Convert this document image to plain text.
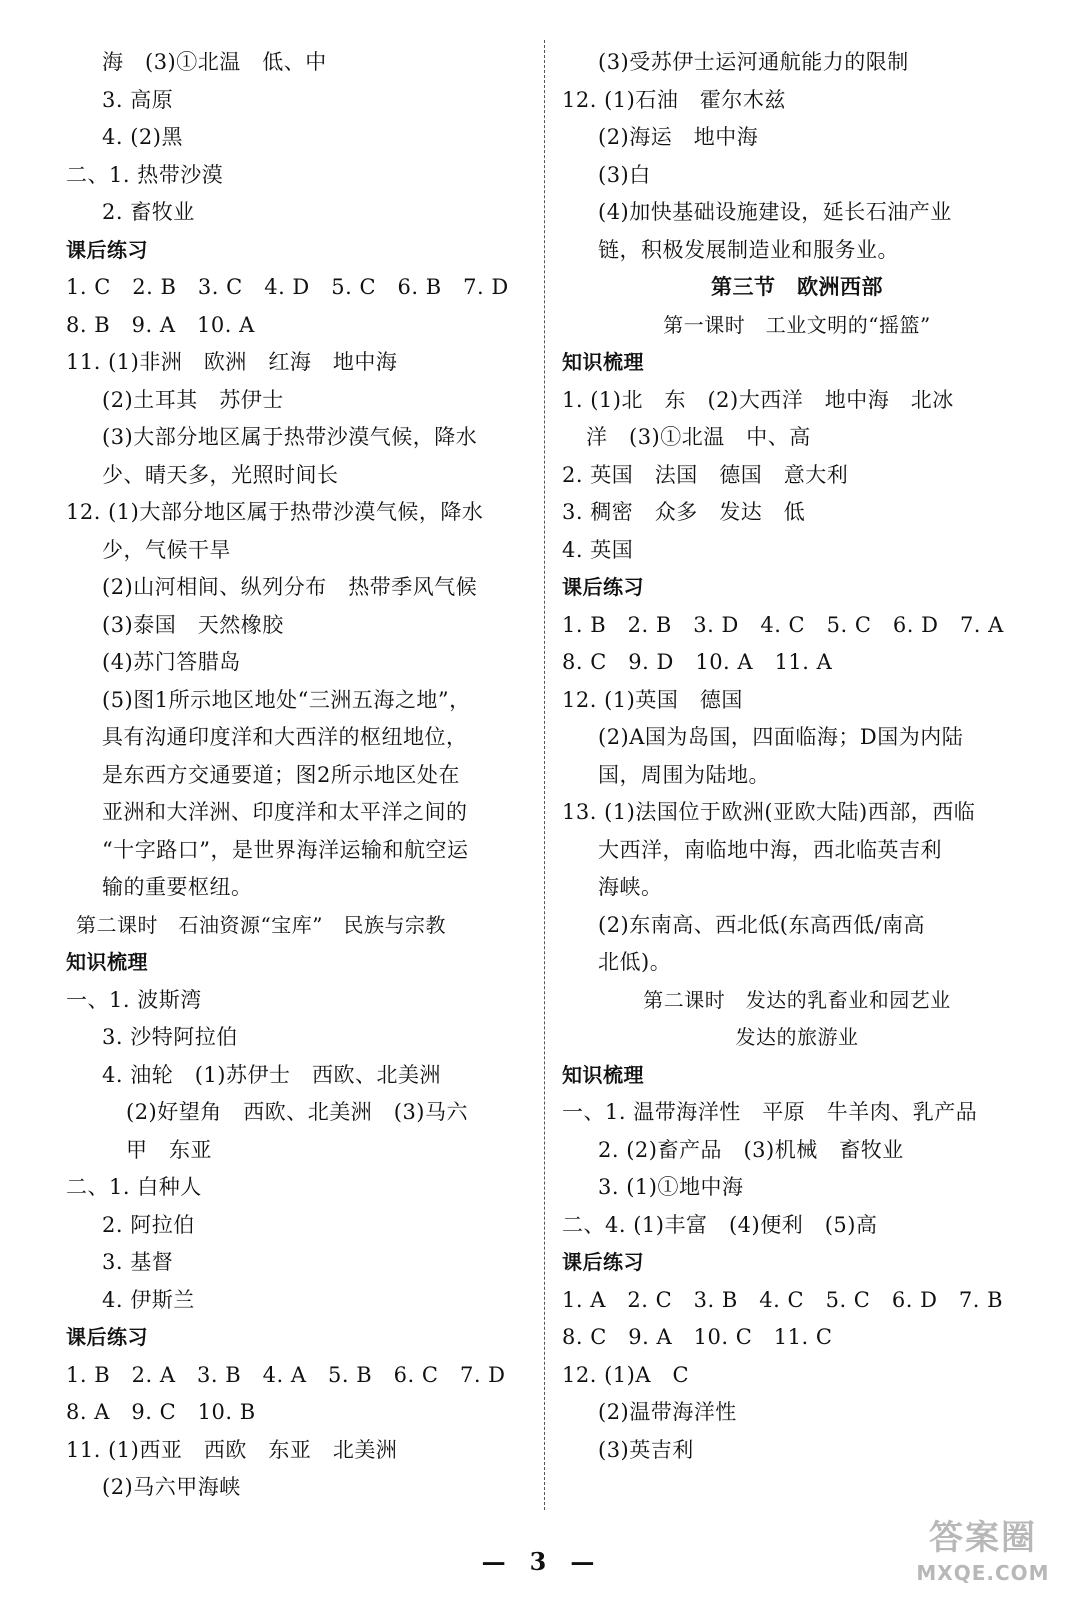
海　(3)①北温　低、中
3. 高原
4. (2)黑
二、1. 热带沙漠
2. 畜牧业
课后练习
1. C　2. B　3. C　4. D　5. C　6. B　7. D
8. B　9. A　10. A
11. (1)非洲　欧洲　红海　地中海
(2)土耳其　苏伊士
(3)大部分地区属于热带沙漠气候，降水
少、晴天多，光照时间长
12. (1)大部分地区属于热带沙漠气候，降水
少，气候干旱
(2)山河相间、纵列分布　热带季风气候
(3)泰国　天然橡胶
(4)苏门答腊岛
(5)图1所示地区地处“三洲五海之地”，
具有沟通印度洋和大西洋的枢纽地位，
是东西方交通要道；图2所示地区处在
亚洲和大洋洲、印度洋和太平洋之间的
“十字路口”，是世界海洋运输和航空运
输的重要枢纽。
第二课时　石油资源“宝库”　民族与宗教
知识梳理
一、1. 波斯湾
3. 沙特阿拉伯
4. 油轮　(1)苏伊士　西欧、北美洲
(2)好望角　西欧、北美洲　(3)马六
甲　东亚
二、1. 白种人
2. 阿拉伯
3. 基督
4. 伊斯兰
课后练习
1. B　2. A　3. B　4. A　5. B　6. C　7. D
8. A　9. C　10. B
11. (1)西亚　西欧　东亚　北美洲
(2)马六甲海峡
(3)受苏伊士运河通航能力的限制
12. (1)石油　霍尔木兹
(2)海运　地中海
(3)白
(4)加快基础设施建设，延长石油产业
链，积极发展制造业和服务业。
第三节　欧洲西部
第一课时　工业文明的“摇篮”
知识梳理
1. (1)北　东　(2)大西洋　地中海　北冰
洋　(3)①北温　中、高
2. 英国　法国　德国　意大利
3. 稠密　众多　发达　低
4. 英国
课后练习
1. B　2. B　3. D　4. C　5. C　6. D　7. A
8. C　9. D　10. A　11. A
12. (1)英国　德国
(2)A国为岛国，四面临海；D国为内陆
国，周围为陆地。
13. (1)法国位于欧洲(亚欧大陆)西部，西临
大西洋，南临地中海，西北临英吉利
海峡。
(2)东南高、西北低(东高西低/南高
北低)。
第二课时　发达的乳畜业和园艺业
发达的旅游业
知识梳理
一、1. 温带海洋性　平原　牛羊肉、乳产品
2. (2)畜产品　(3)机械　畜牧业
3. (1)①地中海
二、4. (1)丰富　(4)便利　(5)高
课后练习
1. A　2. C　3. B　4. C　5. C　6. D　7. B
8. C　9. A　10. C　11. C
12. (1)A　C
(2)温带海洋性
(3)英吉利
—　3　—
答案圈
MXQE.COM
